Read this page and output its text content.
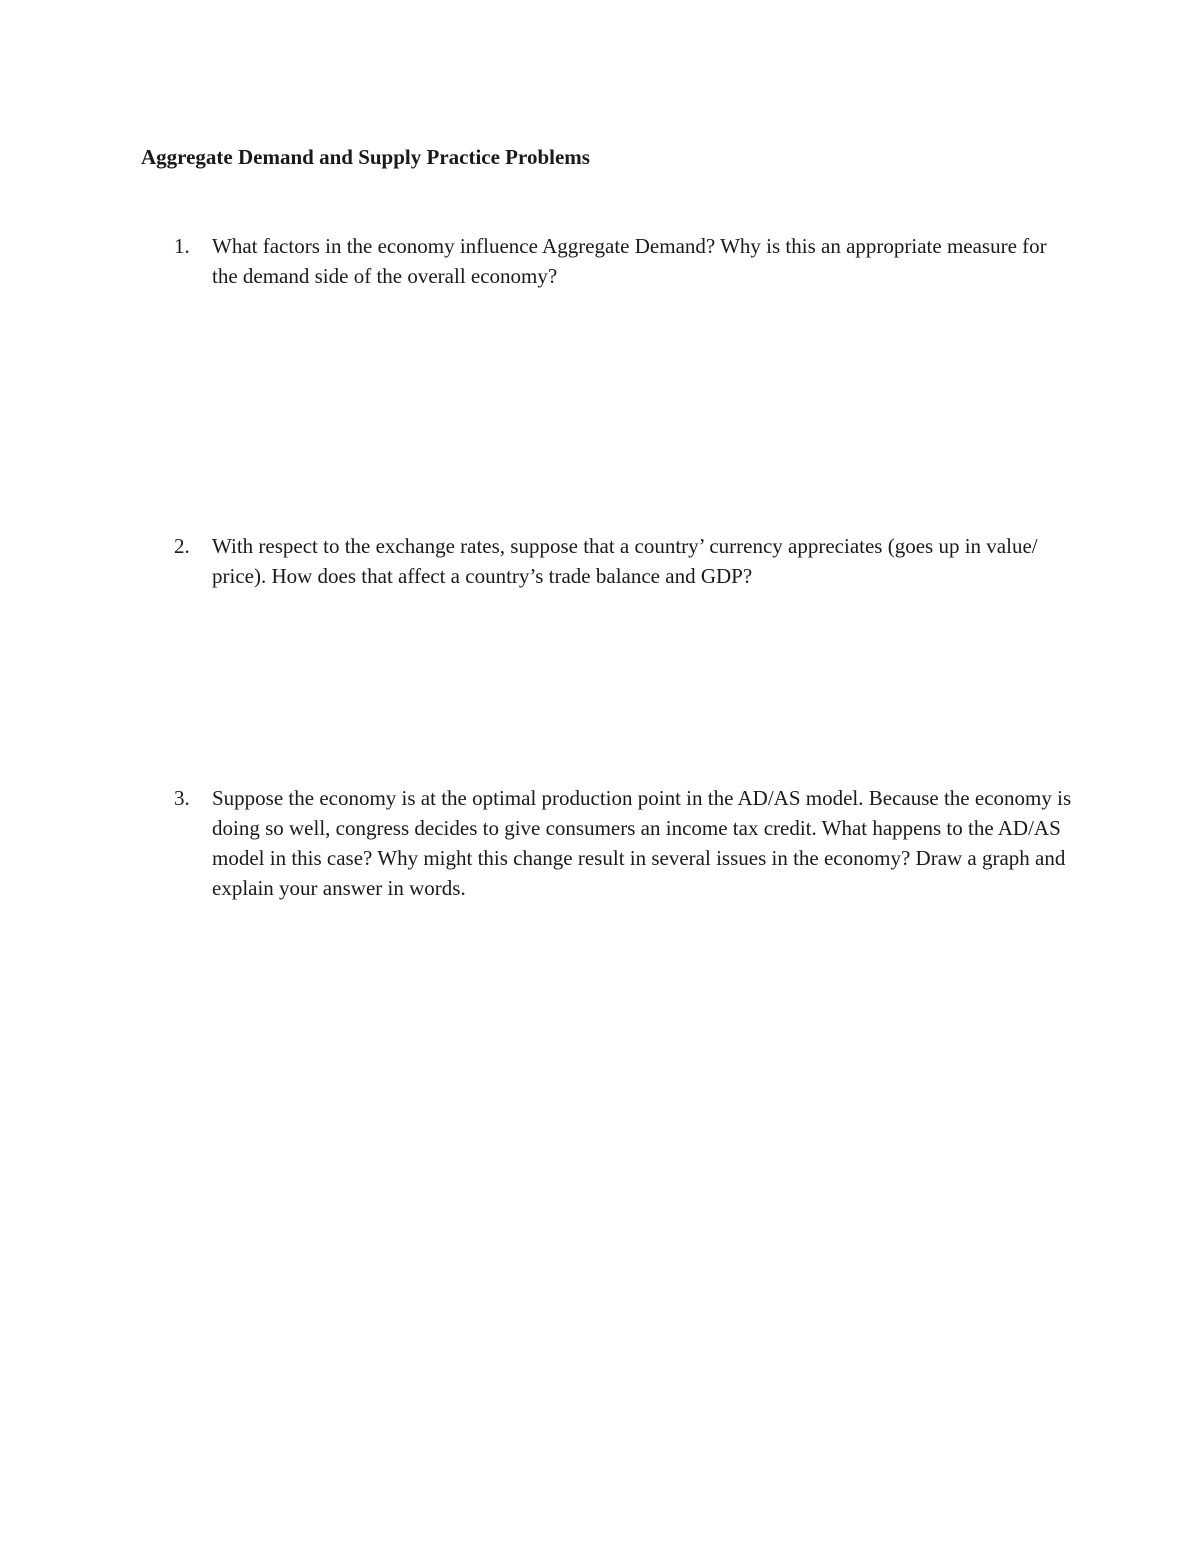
Aggregate Demand and Supply Practice Problems
1.	What factors in the economy influence Aggregate Demand? Why is this an appropriate measure for the demand side of the overall economy?
2.	With respect to the exchange rates, suppose that a country’ currency appreciates (goes up in value/ price). How does that affect a country’s trade balance and GDP?
3.	Suppose the economy is at the optimal production point in the AD/AS model. Because the economy is doing so well, congress decides to give consumers an income tax credit. What happens to the AD/AS model in this case? Why might this change result in several issues in the economy? Draw a graph and explain your answer in words.
